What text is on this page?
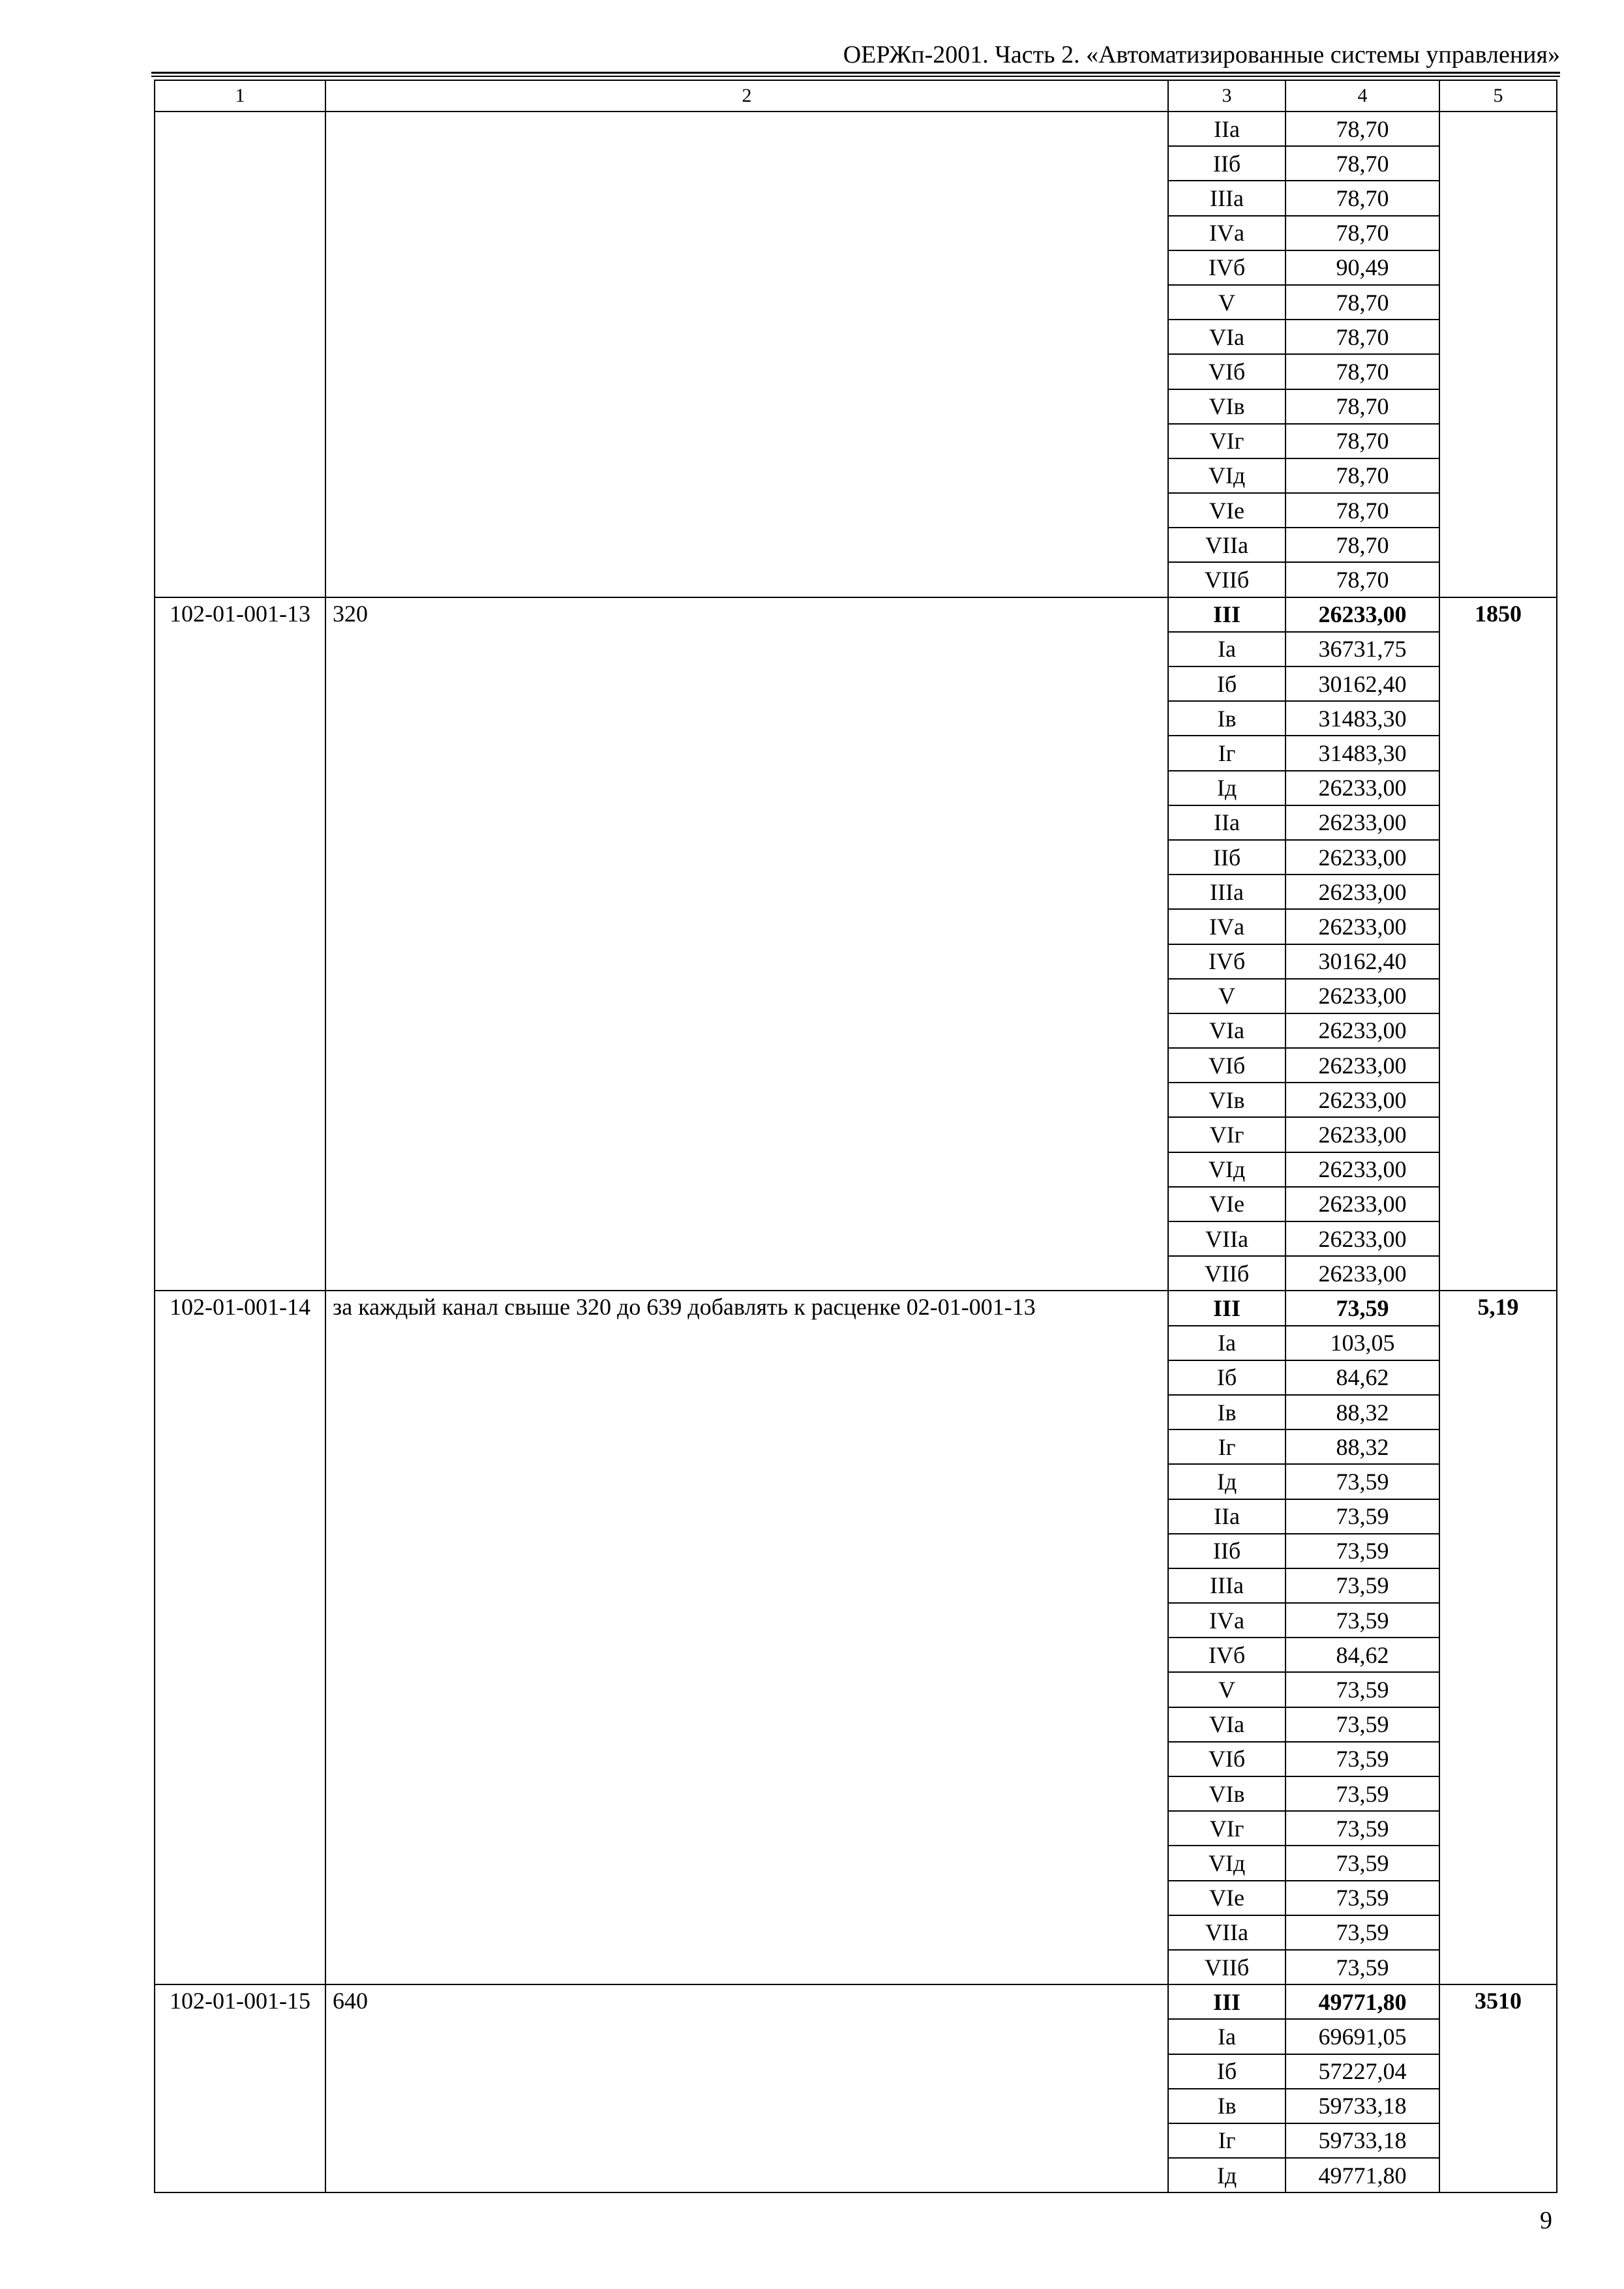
ОЕРЖп-2001. Часть 2. «Автоматизированные системы управления»
1	2	3	4	5
		IIа	78,70	
		IIб	78,70	
		IIIа	78,70	
		IVа	78,70	
		IVб	90,49	
		V	78,70	
		VIа	78,70	
		VIб	78,70	
		VIв	78,70	
		VIг	78,70	
		VIд	78,70	
		VIе	78,70	
		VIIа	78,70	
		VIIб	78,70	
102-01-001-13	320	III	26233,00	1850
		Iа	36731,75	
		Iб	30162,40	
		Iв	31483,30	
		Iг	31483,30	
		Iд	26233,00	
		IIа	26233,00	
		IIб	26233,00	
		IIIа	26233,00	
		IVа	26233,00	
		IVб	30162,40	
		V	26233,00	
		VIа	26233,00	
		VIб	26233,00	
		VIв	26233,00	
		VIг	26233,00	
		VIд	26233,00	
		VIе	26233,00	
		VIIа	26233,00	
		VIIб	26233,00	
102-01-001-14	за каждый канал свыше 320 до 639 добавлять к расценке 02-01-001-13	III	73,59	5,19
		Iа	103,05	
		Iб	84,62	
		Iв	88,32	
		Iг	88,32	
		Iд	73,59	
		IIа	73,59	
		IIб	73,59	
		IIIа	73,59	
		IVа	73,59	
		IVб	84,62	
		V	73,59	
		VIа	73,59	
		VIб	73,59	
		VIв	73,59	
		VIг	73,59	
		VIд	73,59	
		VIе	73,59	
		VIIа	73,59	
		VIIб	73,59	
102-01-001-15	640	III	49771,80	3510
		Iа	69691,05	
		Iб	57227,04	
		Iв	59733,18	
		Iг	59733,18	
		Iд	49771,80	
9
